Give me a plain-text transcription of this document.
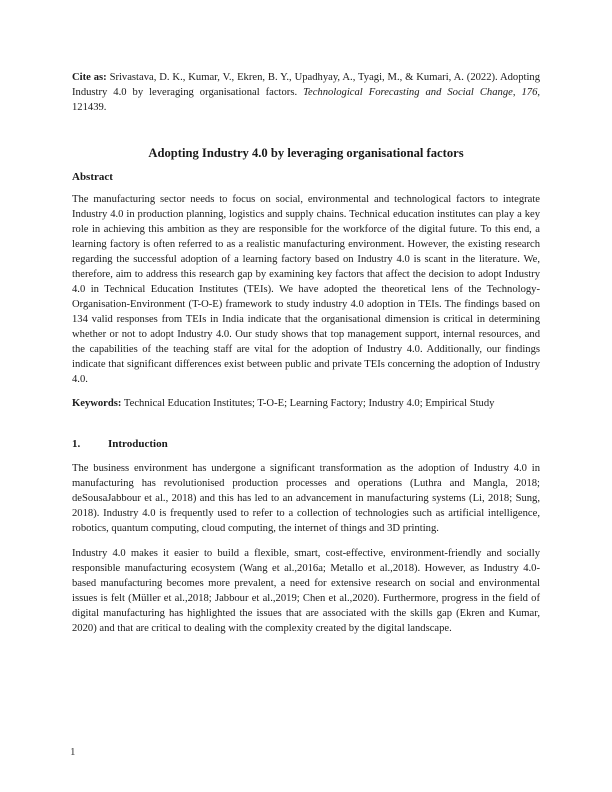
Cite as: Srivastava, D. K., Kumar, V., Ekren, B. Y., Upadhyay, A., Tyagi, M., & Kumari, A. (2022). Adopting Industry 4.0 by leveraging organisational factors. Technological Forecasting and Social Change, 176, 121439.

Adopting Industry 4.0 by leveraging organisational factors
Abstract

The manufacturing sector needs to focus on social, environmental and technological factors to integrate Industry 4.0 in production planning, logistics and supply chains. Technical education institutes can play a key role in achieving this ambition as they are responsible for the workforce of the digital future. To this end, a learning factory is often referred to as a realistic manufacturing environment. However, the existing research regarding the successful adoption of a learning factory based on Industry 4.0 is scant in the literature. We, therefore, aim to address this research gap by examining key factors that affect the decision to adopt Industry 4.0 in Technical Education Institutes (TEIs). We have adopted the theoretical lens of the Technology-Organisation-Environment (T-O-E) framework to study industry 4.0 adoption in TEIs. The findings based on 134 valid responses from TEIs in India indicate that the organisational dimension is critical in determining whether or not to adopt Industry 4.0. Our study shows that top management support, internal resources, and the capabilities of the teaching staff are vital for the adoption of Industry 4.0. Additionally, our findings indicate that significant differences exist between public and private TEIs concerning the adoption of Industry 4.0.

Keywords: Technical Education Institutes; T-O-E; Learning Factory; Industry 4.0; Empirical Study

1.	Introduction

The business environment has undergone a significant transformation as the adoption of Industry 4.0 in manufacturing has revolutionised production processes and operations (Luthra and Mangla, 2018; deSousaJabbour et al., 2018) and this has led to an advancement in manufacturing systems (Li, 2018; Sung, 2018). Industry 4.0 is frequently used to refer to a collection of technologies such as artificial intelligence, robotics, quantum computing, cloud computing, the internet of things and 3D printing.

Industry 4.0 makes it easier to build a flexible, smart, cost-effective, environment-friendly and socially responsible manufacturing ecosystem (Wang et al.,2016a; Metallo et al.,2018). However, as Industry 4.0-based manufacturing becomes more prevalent, a need for extensive research on social and environmental issues is felt (Müller et al.,2018; Jabbour et al.,2019; Chen et al.,2020). Furthermore, progress in the field of digital manufacturing has highlighted the issues that are associated with the skills gap (Ekren and Kumar, 2020) and that are critical to dealing with the complexity created by the digital landscape.

1
